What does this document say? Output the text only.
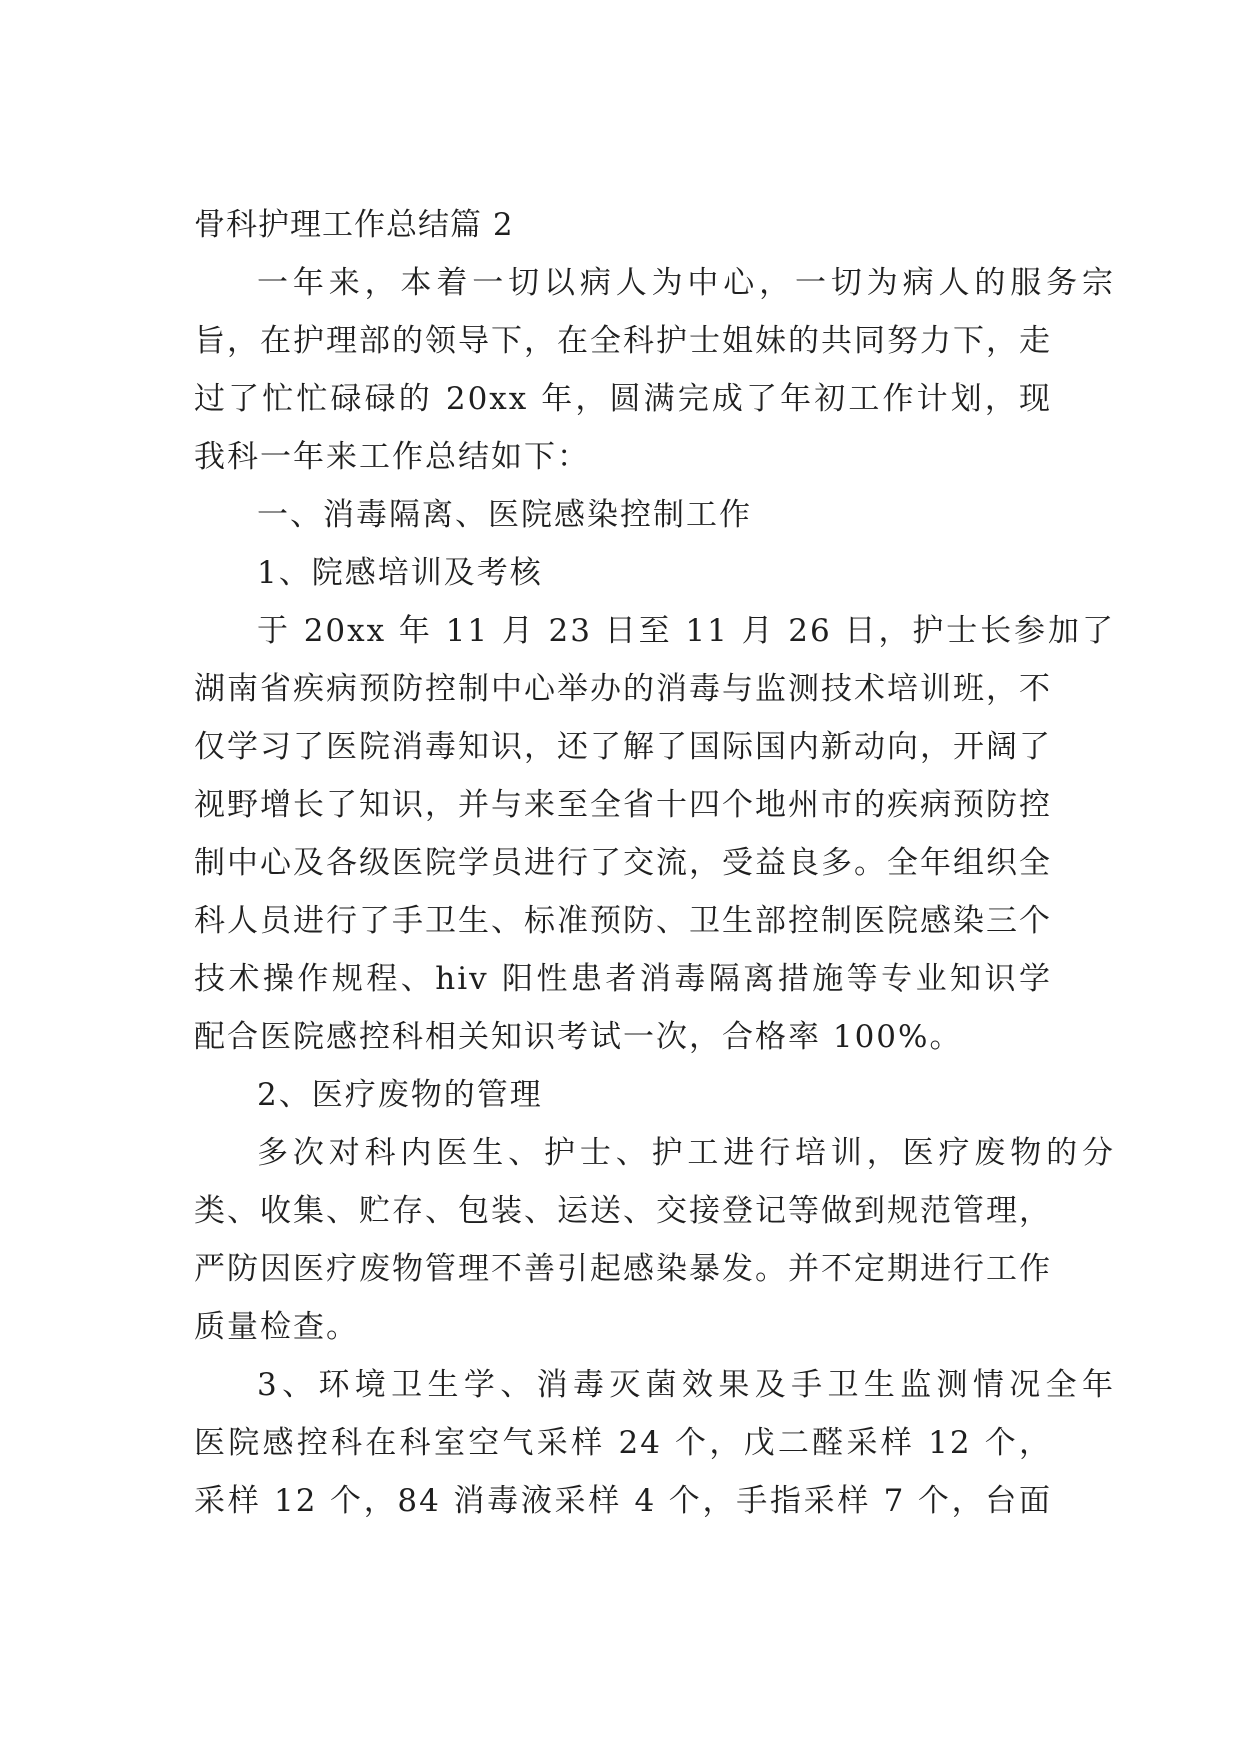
骨科护理工作总结篇 2
一年来，本着一切以病人为中心，一切为病人的服务宗
旨，在护理部的领导下，在全科护士姐妹的共同努力下，走
过了忙忙碌碌的 20xx 年，圆满完成了年初工作计划，现
我科一年来工作总结如下：
一、消毒隔离、医院感染控制工作
1、院感培训及考核
于 20xx 年 11 月 23 日至 11 月 26 日，护士长参加了
湖南省疾病预防控制中心举办的消毒与监测技术培训班，不
仅学习了医院消毒知识，还了解了国际国内新动向，开阔了
视野增长了知识，并与来至全省十四个地州市的疾病预防控
制中心及各级医院学员进行了交流，受益良多。全年组织全
科人员进行了手卫生、标准预防、卫生部控制医院感染三个
技术操作规程、hiv 阳性患者消毒隔离措施等专业知识学
配合医院感控科相关知识考试一次，合格率 100%。
2、医疗废物的管理
多次对科内医生、护士、护工进行培训，医疗废物的分
类、收集、贮存、包装、运送、交接登记等做到规范管理，
严防因医疗废物管理不善引起感染暴发。并不定期进行工作
质量检查。
3、环境卫生学、消毒灭菌效果及手卫生监测情况全年
医院感控科在科室空气采样 24 个，戊二醛采样 12 个，
采样 12 个，84 消毒液采样 4 个，手指采样 7 个，台面
